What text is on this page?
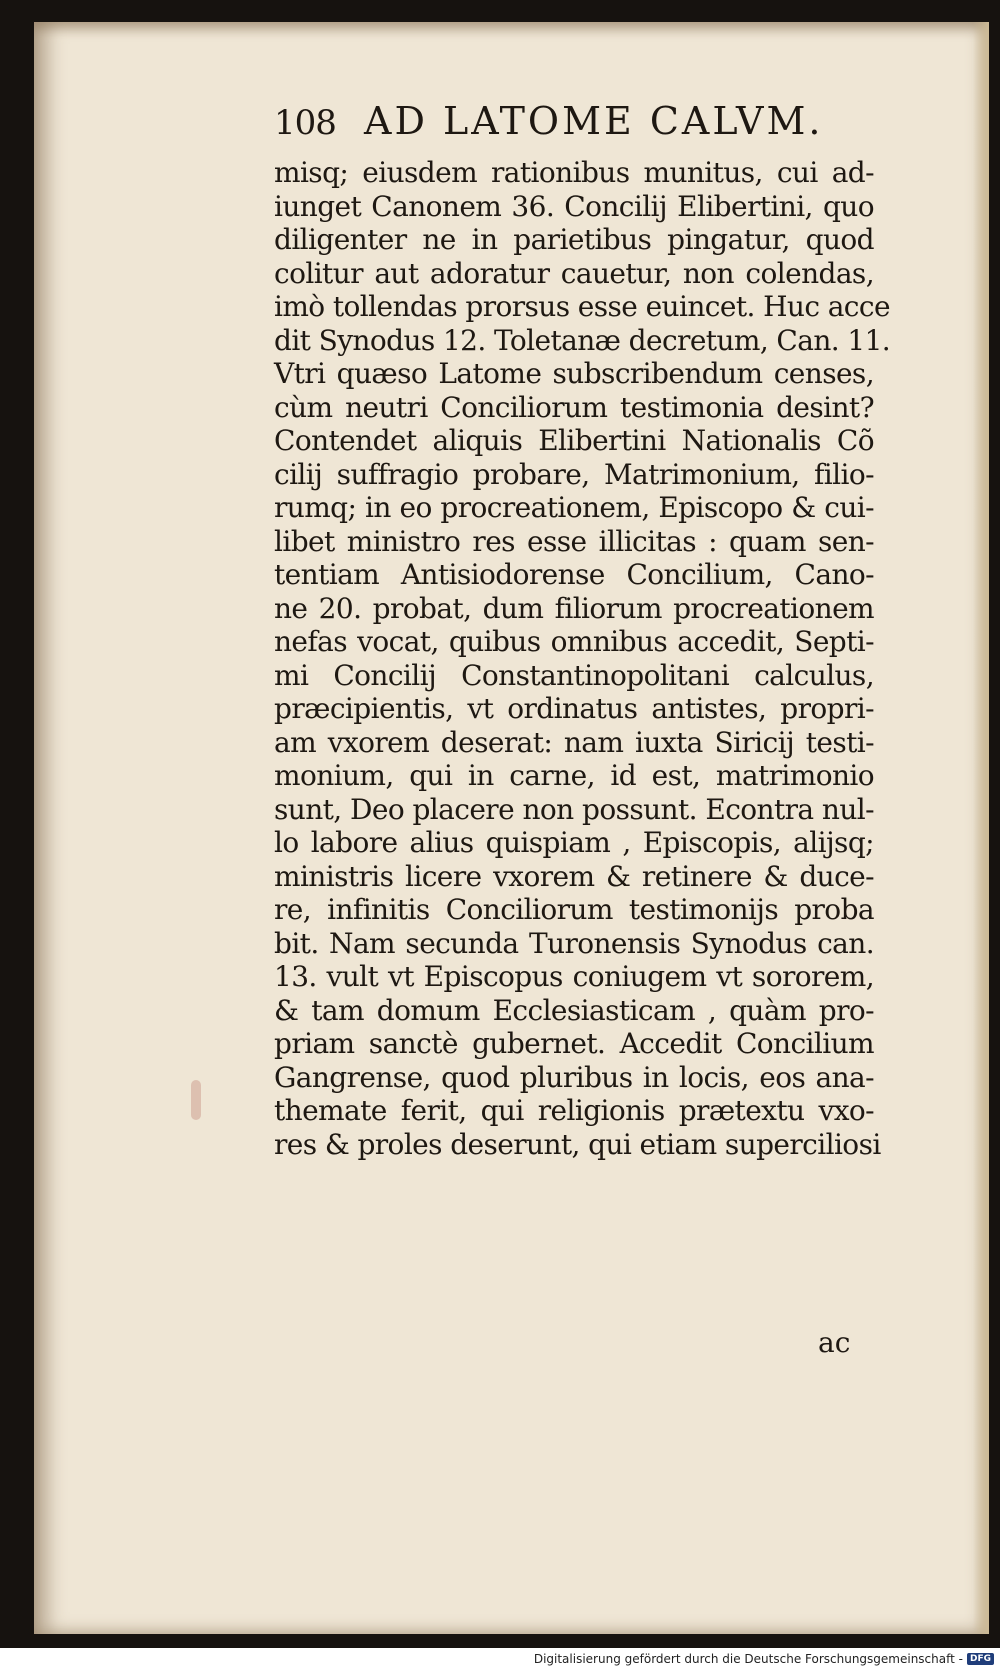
108 AD LATOME CALVM.
misq; eiusdem rationibus munitus, cui ad-
iunget Canonem 36. Concilij Elibertini, quo
diligenter ne in parietibus pingatur, quod
colitur aut adoratur cauetur, non colendas,
imò tollendas prorsus esse euincet. Huc acce
dit Synodus 12. Toletanæ decretum, Can. 11.
Vtri quæso Latome subscribendum censes,
cùm neutri Conciliorum testimonia desint?
Contendet aliquis Elibertini Nationalis Cõ
cilij suffragio probare, Matrimonium, filio-
rumq; in eo procreationem, Episcopo & cui-
libet ministro res esse illicitas : quam sen-
tentiam Antisiodorense Concilium, Cano-
ne 20. probat, dum filiorum procreationem
nefas vocat, quibus omnibus accedit, Septi-
mi Concilij Constantinopolitani calculus,
præcipientis, vt ordinatus antistes, propri-
am vxorem deserat: nam iuxta Siricij testi-
monium, qui in carne, id est, matrimonio
sunt, Deo placere non possunt. Econtra nul-
lo labore alius quispiam , Episcopis, alijsq;
ministris licere vxorem & retinere & duce-
re, infinitis Conciliorum testimonijs proba
bit. Nam secunda Turonensis Synodus can.
13. vult vt Episcopus coniugem vt sororem,
& tam domum Ecclesiasticam , quàm pro-
priam sanctè gubernet. Accedit Concilium
Gangrense, quod pluribus in locis, eos ana-
themate ferit, qui religionis prætextu vxo-
res & proles deserunt, qui etiam superciliosi
ac
Digitalisierung gefördert durch die Deutsche Forschungsgemeinschaft - DFG
